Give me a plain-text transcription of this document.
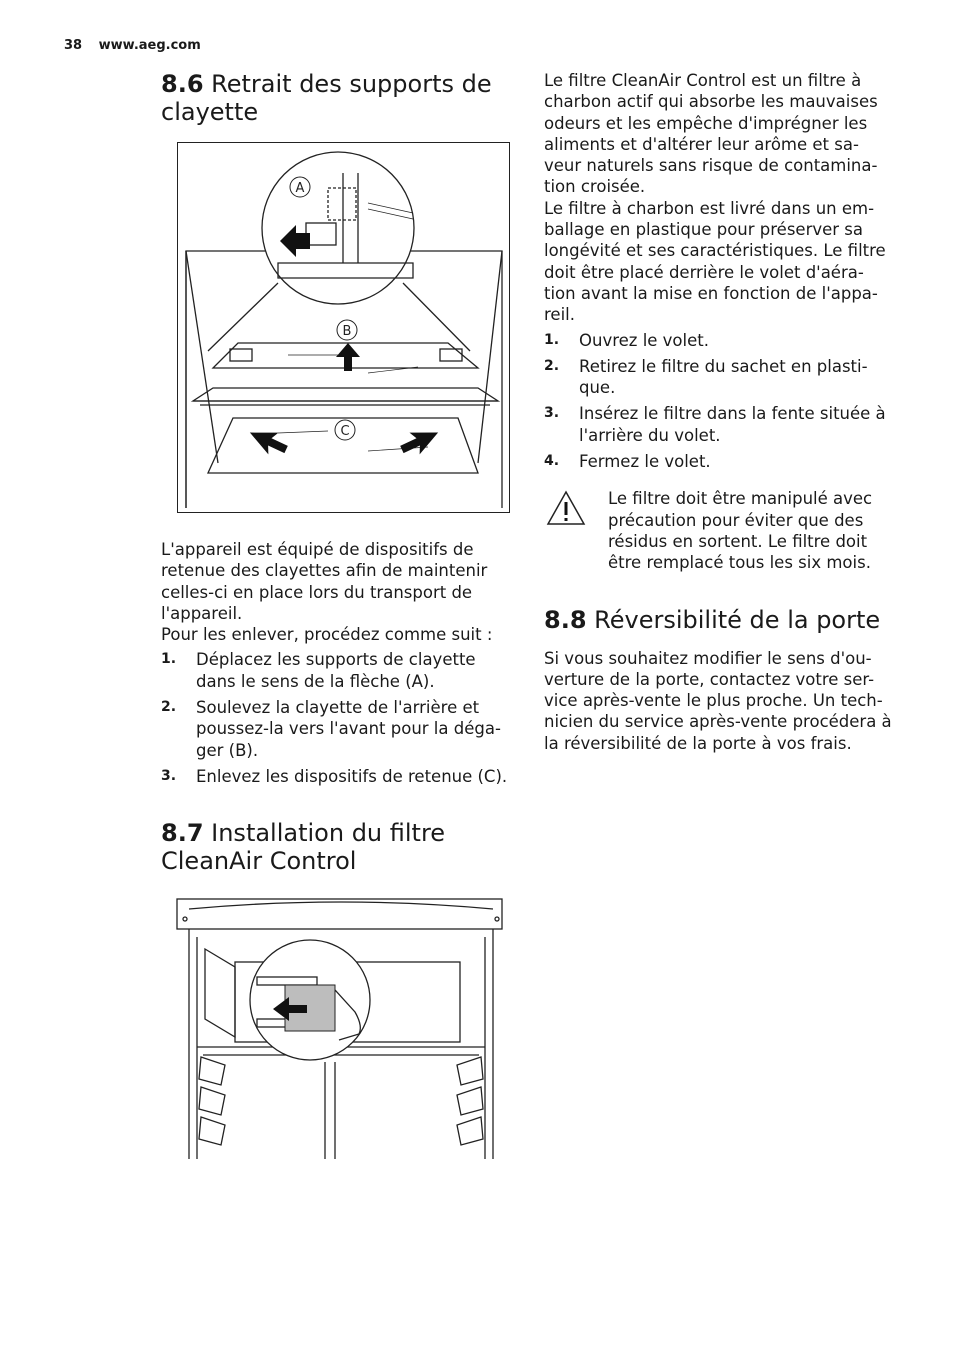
38 www.aeg.com
8.6 Retrait des supports de clayette
A
B
C

L'appareil est équipé de dispositifs de retenue des clayettes afin de maintenir celles-ci en place lors du transport de l'appareil.

Pour les enlever, procédez comme suit :

1. Déplacez les supports de clayette dans le sens de la flèche (A).
2. Soulevez la clayette de l'arrière et poussez-la vers l'avant pour la déga-ger (B).
3. Enlevez les dispositifs de retenue (C).
8.7 Installation du filtre CleanAir Control

Le filtre CleanAir Control est un filtre à charbon actif qui absorbe les mauvaises odeurs et les empêche d'imprégner les aliments et d'altérer leur arôme et sa-veur naturels sans risque de contamina-tion croisée.

Le filtre à charbon est livré dans un em-ballage en plastique pour préserver sa longévité et ses caractéristiques. Le filtre doit être placé derrière le volet d'aéra-tion avant la mise en fonction de l'appa-reil.

1. Ouvrez le volet.
2. Retirez le filtre du sachet en plasti-que.
3. Insérez le filtre dans la fente située à l'arrière du volet.
4. Fermez le volet.

Le filtre doit être manipulé avec précaution pour éviter que des résidus en sortent. Le filtre doit être remplacé tous les six mois.

8.8 Réversibilité de la porte

Si vous souhaitez modifier le sens d'ou-verture de la porte, contactez votre ser-vice après-vente le plus proche. Un tech-nicien du service après-vente procédera à la réversibilité de la porte à vos frais.
